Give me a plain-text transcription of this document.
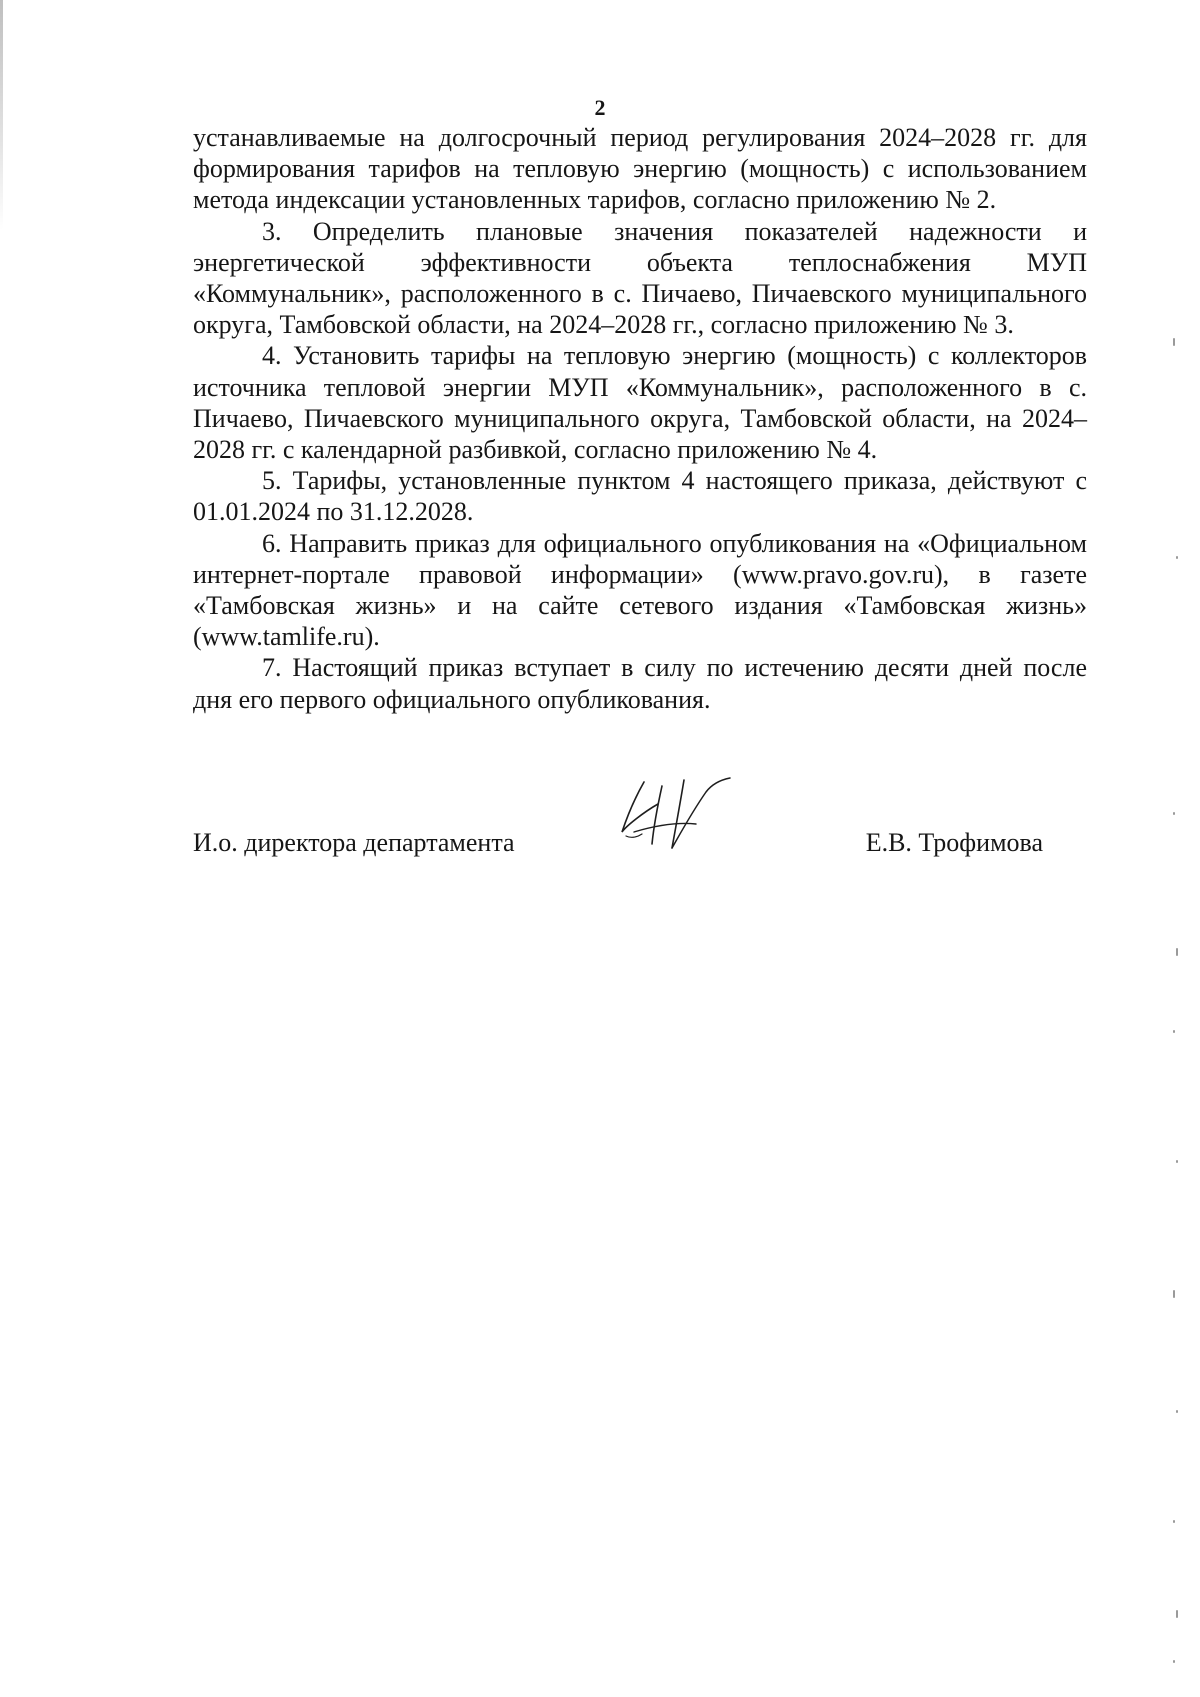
2

устанавливаемые на долгосрочный период регулирования 2024–2028 гг. для формирования тарифов на тепловую энергию (мощность) с использованием метода индексации установленных тарифов, согласно приложению № 2.

3. Определить плановые значения показателей надежности и энергетической эффективности объекта теплоснабжения МУП «Коммунальник», расположенного в с. Пичаево, Пичаевского муниципального округа, Тамбовской области, на 2024–2028 гг., согласно приложению № 3.

4. Установить тарифы на тепловую энергию (мощность) с коллекторов источника тепловой энергии МУП «Коммунальник», расположенного в с. Пичаево, Пичаевского муниципального округа, Тамбовской области, на 2024–2028 гг. с календарной разбивкой, согласно приложению № 4.

5. Тарифы, установленные пунктом 4 настоящего приказа, действуют с 01.01.2024 по 31.12.2028.

6. Направить приказ для официального опубликования на «Официальном интернет-портале правовой информации» (www.pravo.gov.ru), в газете «Тамбовская жизнь» и на сайте сетевого издания «Тамбовская жизнь» (www.tamlife.ru).

7. Настоящий приказ вступает в силу по истечению десяти дней после дня его первого официального опубликования.

И.о. директора департамента	Е.В. Трофимова
